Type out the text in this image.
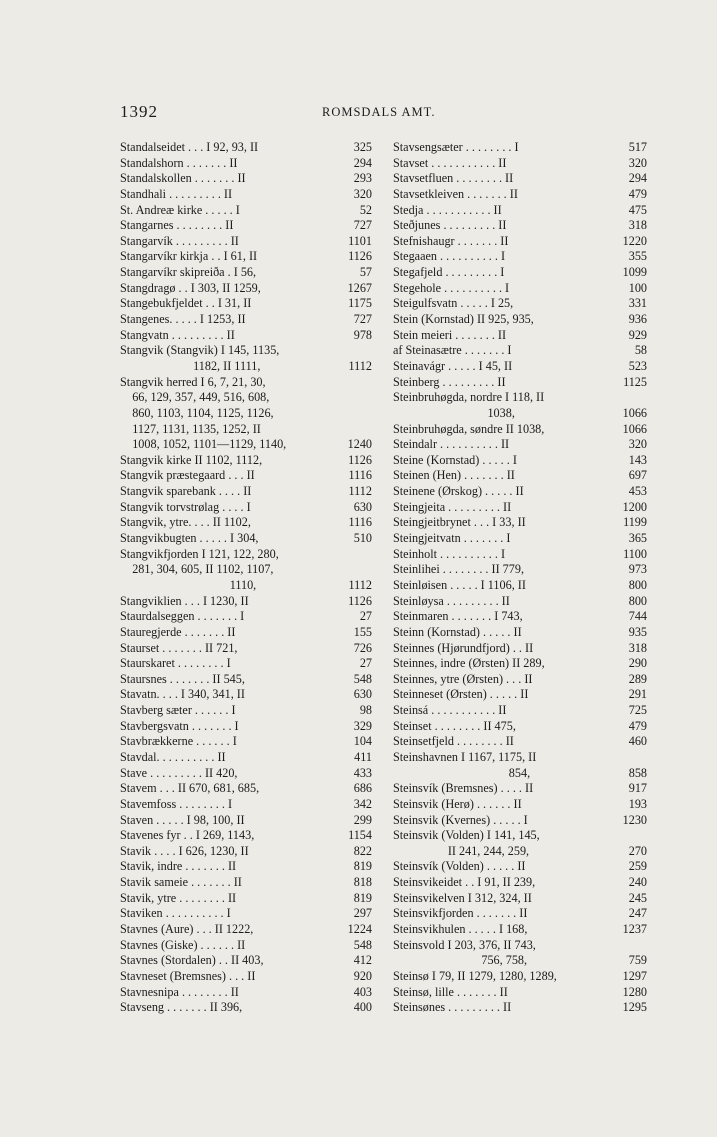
1392	ROMSDALS AMT.
Standalseidet . . . I 92, 93, II	325
Standalshorn . . . . . . . II	294
Standalskollen . . . . . . . II	293
Standhali . . . . . . . . . II	320
St. Andreæ kirke . . . . . I	52
Stangarnes . . . . . . . . II	727
Stangarvík . . . . . . . . . II	1101
Stangarvíkr kirkja . . I 61, II	1126
Stangarvíkr skipreiða . I 56,	57
Stangdragø . . I 303, II 1259,	1267
Stangebukfjeldet . . I 31, II	1175
Stangenes. . . . . I 1253, II	727
Stangvatn . . . . . . . . . II	978
Stangvik (Stangvik) I 145, 1135,
1182, II 1111,	1112
Stangvik herred I 6, 7, 21, 30,
66, 129, 357, 449, 516, 608,
860, 1103, 1104, 1125, 1126,
1127, 1131, 1135, 1252, II
1008, 1052, 1101—1129, 1140,	1240
Stangvik kirke II 1102, 1112,	1126
Stangvik præstegaard . . . II	1116
Stangvik sparebank . . . . II	1112
Stangvik torvstrølag . . . . I	630
Stangvik, ytre. . . . II 1102,	1116
Stangvikbugten . . . . . I 304,	510
Stangvikfjorden I 121, 122, 280,
281, 304, 605, II 1102, 1107,
1110,	1112
Stangviklien . . . I 1230, II	1126
Staurdalseggen . . . . . . . I	27
Stauregjerde . . . . . . . II	155
Staurset . . . . . . . II 721,	726
Staurskaret . . . . . . . . I	27
Staursnes . . . . . . . II 545,	548
Stavatn. . . . I 340, 341, II	630
Stavberg sæter . . . . . . I	98
Stavbergsvatn . . . . . . . I	329
Stavbrækkerne . . . . . . I	104
Stavdal. . . . . . . . . . II	411
Stave . . . . . . . . . II 420,	433
Stavem . . . II 670, 681, 685,	686
Stavemfoss . . . . . . . . I	342
Staven . . . . . I 98, 100, II	299
Stavenes fyr . . I 269, 1143,	1154
Stavik . . . . I 626, 1230, II	822
Stavik, indre . . . . . . . II	819
Stavik sameie . . . . . . . II	818
Stavik, ytre . . . . . . . . II	819
Staviken . . . . . . . . . . I	297
Stavnes (Aure) . . . II 1222,	1224
Stavnes (Giske) . . . . . . II	548
Stavnes (Stordalen) . . II 403,	412
Stavneset (Bremsnes) . . . II	920
Stavnesnipa . . . . . . . . II	403
Stavseng . . . . . . . II 396,	400
Stavsengsæter . . . . . . . . I	517
Stavset . . . . . . . . . . . II	320
Stavsetfluen . . . . . . . . II	294
Stavsetkleiven . . . . . . . II	479
Stedja . . . . . . . . . . . II	475
Steðjunes . . . . . . . . . II	318
Stefnishaugr . . . . . . . II	1220
Stegaaen . . . . . . . . . . I	355
Stegafjeld . . . . . . . . . I	1099
Stegehole . . . . . . . . . . I	100
Steigulfsvatn . . . . . I 25,	331
Stein (Kornstad) II 925, 935,	936
Stein meieri . . . . . . . II	929
af Steinasætre . . . . . . . I	58
Steinavágr . . . . . I 45, II	523
Steinberg . . . . . . . . . II	1125
Steinbruhøgda, nordre I 118, II
1038,	1066
Steinbruhøgda, søndre II 1038,	1066
Steindalr . . . . . . . . . . II	320
Steine (Kornstad) . . . . . I	143
Steinen (Hen) . . . . . . . II	697
Steinene (Ørskog) . . . . . II	453
Steingjeita . . . . . . . . . II	1200
Steingjeitbrynet . . . I 33, II	1199
Steingjeitvatn . . . . . . . I	365
Steinholt . . . . . . . . . . I	1100
Steinlihei . . . . . . . . II 779,	973
Steinløisen . . . . . I 1106, II	800
Steinløysa . . . . . . . . . II	800
Steinmaren . . . . . . . I 743,	744
Steinn (Kornstad) . . . . . II	935
Steinnes (Hjørundfjord) . . II	318
Steinnes, indre (Ørsten) II 289,	290
Steinnes, ytre (Ørsten) . . . II	289
Steinneset (Ørsten) . . . . . II	291
Steinsá . . . . . . . . . . . II	725
Steinset . . . . . . . . II 475,	479
Steinsetfjeld . . . . . . . . II	460
Steinshavnen I 1167, 1175, II
854,	858
Steinsvík (Bremsnes) . . . . II	917
Steinsvik (Herø) . . . . . . II	193
Steinsvik (Kvernes) . . . . . I	1230
Steinsvik (Volden) I 141, 145,
II 241, 244, 259,	270
Steinsvík (Volden) . . . . . II	259
Steinsvikeidet . . I 91, II 239,	240
Steinsvikelven I 312, 324, II	245
Steinsvikfjorden . . . . . . . II	247
Steinsvikhulen . . . . . I 168,	1237
Steinsvold I 203, 376, II 743,
756, 758,	759
Steinsø I 79, II 1279, 1280, 1289,	1297
Steinsø, lille . . . . . . . II	1280
Steinsønes . . . . . . . . . II	1295
